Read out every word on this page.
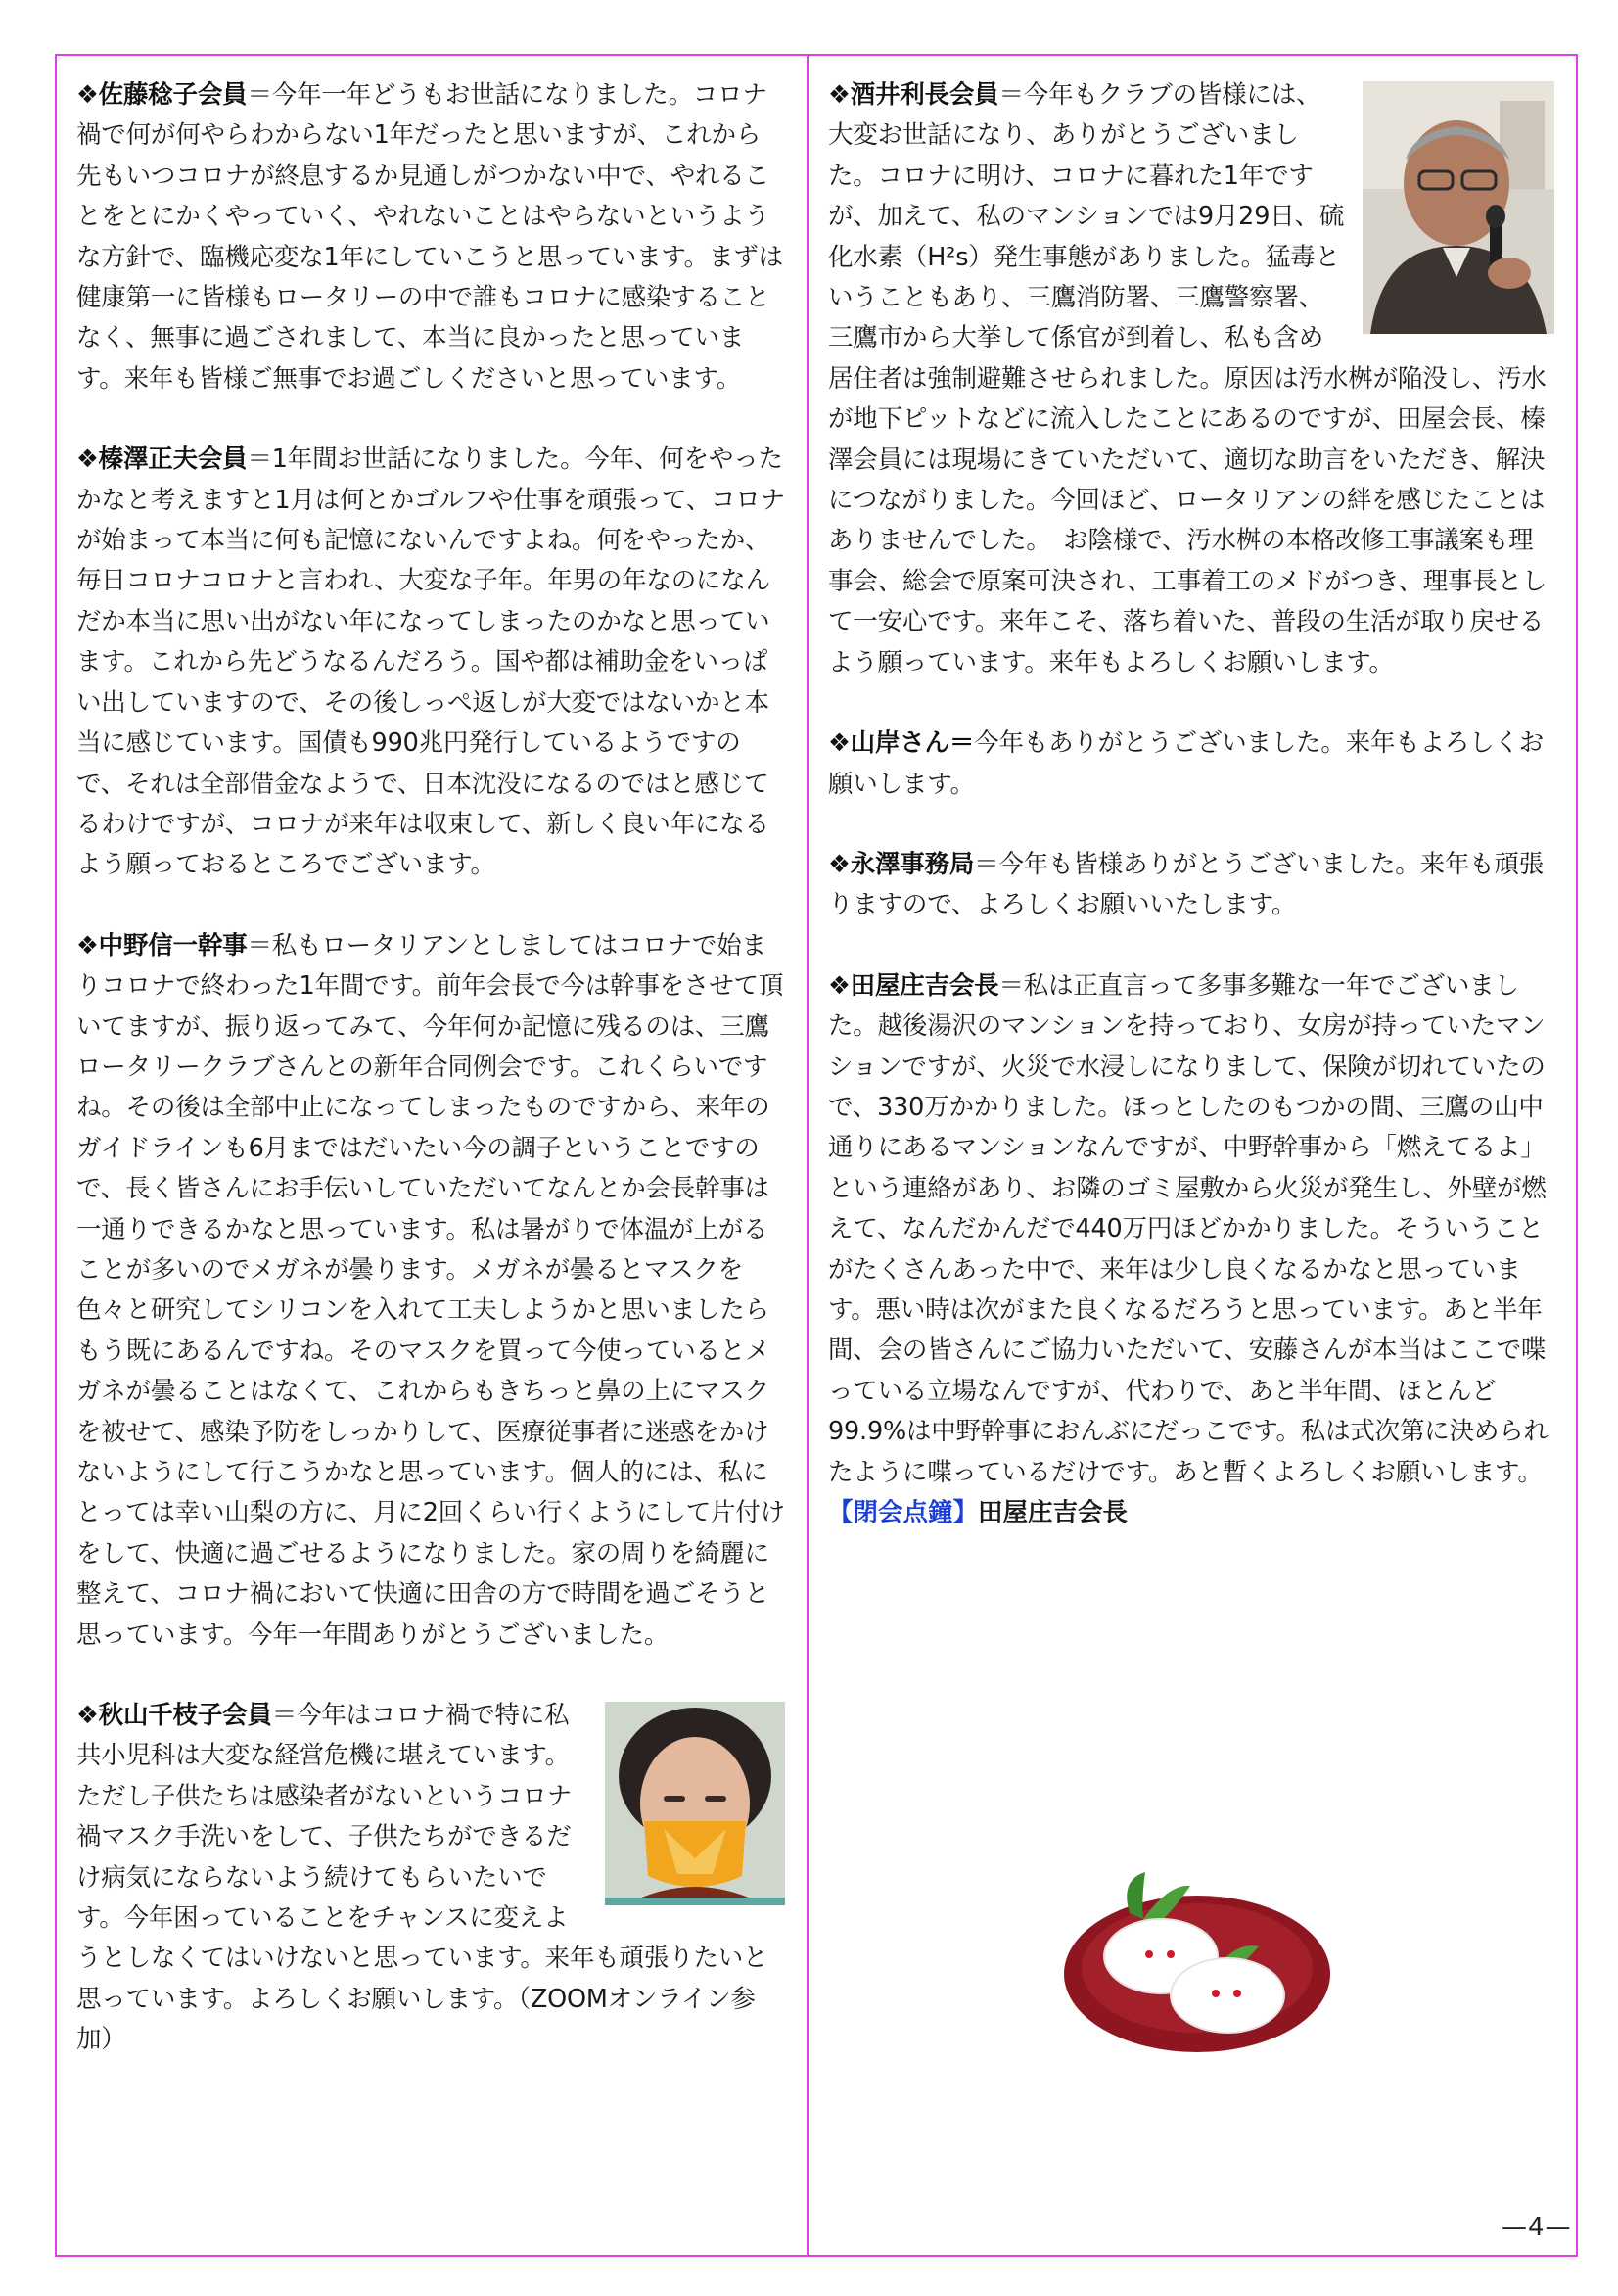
❖佐藤稔子会員＝今年一年どうもお世話になりました。コロナ禍で何が何やらわからない1年だったと思いますが、これから先もいつコロナが終息するか見通しがつかない中で、やれることをとにかくやっていく、やれないことはやらないというような方針で、臨機応変な1年にしていこうと思っています。まずは健康第一に皆様もロータリーの中で誰もコロナに感染することなく、無事に過ごされまして、本当に良かったと思っています。来年も皆様ご無事でお過ごしくださいと思っています。

❖榛澤正夫会員＝1年間お世話になりました。今年、何をやったかなと考えますと1月は何とかゴルフや仕事を頑張って、コロナが始まって本当に何も記憶にないんですよね。何をやったか、毎日コロナコロナと言われ、大変な子年。年男の年なのになんだか本当に思い出がない年になってしまったのかなと思っています。これから先どうなるんだろう。国や都は補助金をいっぱい出していますので、その後しっぺ返しが大変ではないかと本当に感じています。国債も990兆円発行しているようですので、それは全部借金なようで、日本沈没になるのではと感じてるわけですが、コロナが来年は収束して、新しく良い年になるよう願っておるところでございます。

❖中野信一幹事＝私もロータリアンとしましてはコロナで始まりコロナで終わった1年間です。前年会長で今は幹事をさせて頂いてますが、振り返ってみて、今年何か記憶に残るのは、三鷹ロータリークラブさんとの新年合同例会です。これくらいですね。その後は全部中止になってしまったものですから、来年のガイドラインも6月まではだいたい今の調子ということですので、長く皆さんにお手伝いしていただいてなんとか会長幹事は一通りできるかなと思っています。私は暑がりで体温が上がることが多いのでメガネが曇ります。メガネが曇るとマスクを色々と研究してシリコンを入れて工夫しようかと思いましたらもう既にあるんですね。そのマスクを買って今使っているとメガネが曇ることはなくて、これからもきちっと鼻の上にマスクを被せて、感染予防をしっかりして、医療従事者に迷惑をかけないようにして行こうかなと思っています。個人的には、私にとっては幸い山梨の方に、月に2回くらい行くようにして片付けをして、快適に過ごせるようになりました。家の周りを綺麗に整えて、コロナ禍において快適に田舎の方で時間を過ごそうと思っています。今年一年間ありがとうございました。

❖秋山千枝子会員＝今年はコロナ禍で特に私共小児科は大変な経営危機に堪えています。ただし子供たちは感染者がないというコロナ禍マスク手洗いをして、子供たちができるだけ病気にならないよう続けてもらいたいです。今年困っていることをチャンスに変えようとしなくてはいけないと思っています。来年も頑張りたいと思っています。よろしくお願いします。（ZOOMオンライン参加）

❖酒井利長会員＝今年もクラブの皆様には、大変お世話になり、ありがとうございました。コロナに明け、コロナに暮れた1年ですが、加えて、私のマンションでは9月29日、硫化水素（H²s）発生事態がありました。猛毒ということもあり、三鷹消防署、三鷹警察署、三鷹市から大挙して係官が到着し、私も含め居住者は強制避難させられました。原因は汚水桝が陥没し、汚水が地下ピットなどに流入したことにあるのですが、田屋会長、榛澤会員には現場にきていただいて、適切な助言をいただき、解決につながりました。今回ほど、ロータリアンの絆を感じたことはありませんでした。　お陰様で、汚水桝の本格改修工事議案も理事会、総会で原案可決され、工事着工のメドがつき、理事長として一安心です。来年こそ、落ち着いた、普段の生活が取り戻せるよう願っています。来年もよろしくお願いします。

❖山岸さん＝今年もありがとうございました。来年もよろしくお願いします。

❖永澤事務局＝今年も皆様ありがとうございました。来年も頑張りますので、よろしくお願いいたします。

❖田屋庄吉会長＝私は正直言って多事多難な一年でございました。越後湯沢のマンションを持っており、女房が持っていたマンションですが、火災で水浸しになりまして、保険が切れていたので、330万かかりました。ほっとしたのもつかの間、三鷹の山中通りにあるマンションなんですが、中野幹事から「燃えてるよ」という連絡があり、お隣のゴミ屋敷から火災が発生し、外壁が燃えて、なんだかんだで440万円ほどかかりました。そういうことがたくさんあった中で、来年は少し良くなるかなと思っています。悪い時は次がまた良くなるだろうと思っています。あと半年間、会の皆さんにご協力いただいて、安藤さんが本当はここで喋っている立場なんですが、代わりで、あと半年間、ほとんど99.9%は中野幹事におんぶにだっこです。私は式次第に決められたように喋っているだけです。あと暫くよろしくお願いします。

【閉会点鐘】田屋庄吉会長

—4—
